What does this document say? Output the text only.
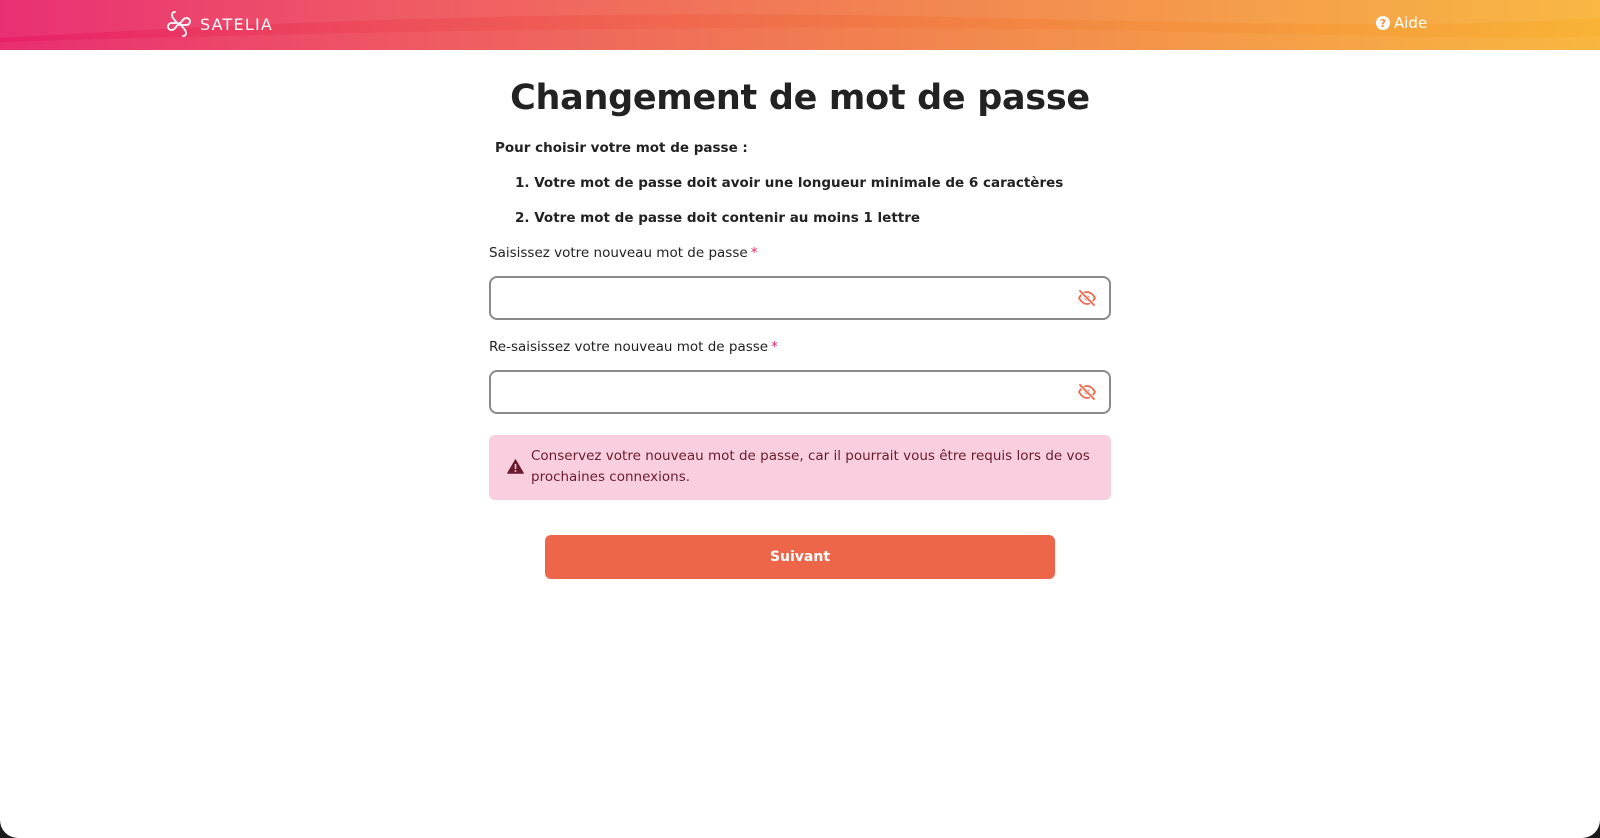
SATELIA	? Aide
Changement de mot de passe
Pour choisir votre mot de passe :
1. Votre mot de passe doit avoir une longueur minimale de 6 caractères
2. Votre mot de passe doit contenir au moins 1 lettre
Saisissez votre nouveau mot de passe *
Re-saisissez votre nouveau mot de passe *
Conservez votre nouveau mot de passe, car il pourrait vous être requis lors de vos prochaines connexions.
Suivant
